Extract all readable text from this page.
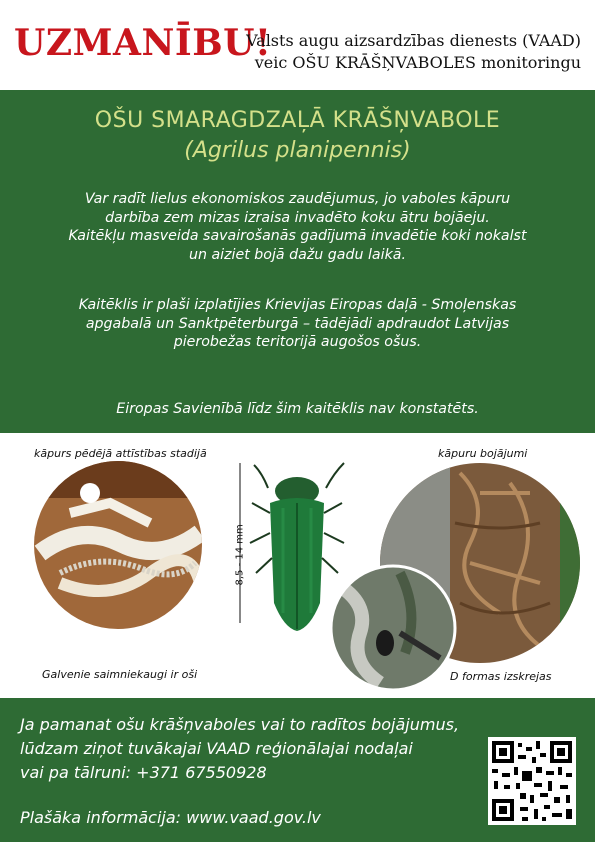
UZMANĪBU!
Valsts augu aizsardzības dienests (VAAD)
veic OŠU KRĀŠŅVABOLES monitoringu
OŠU SMARAGDZAĻĀ KRĀŠŅVABOLE
(Agrilus planipennis)
Var radīt lielus ekonomiskos zaudējumus, jo vaboles kāpuru
darbība zem mizas izraisa invadēto koku ātru bojāeju.
Kaitēkļu masveida savairošanās gadījumā invadētie koki nokalst
un aiziet bojā dažu gadu laikā.
Kaitēklis ir plaši izplatījies Krievijas Eiropas daļā - Smoļenskas
apgabalā un Sanktpēterburgā – tādējādi apdraudot Latvijas
pierobežas teritorijā augošos ošus.
Eiropas Savienībā līdz šim kaitēklis nav konstatēts.
kāpurs pēdējā attīstības stadijā	kāpuru bojājumi
Galvenie saimniekaugi ir oši	D formas izskrejas
8,5 - 14 mm
Ja pamanat ošu krāšņvaboles vai to radītos bojājumus,
lūdzam ziņot tuvākajai VAAD reģionālajai nodaļai
vai pa tālruni: +371 67550928
Plašāka informācija: www.vaad.gov.lv
